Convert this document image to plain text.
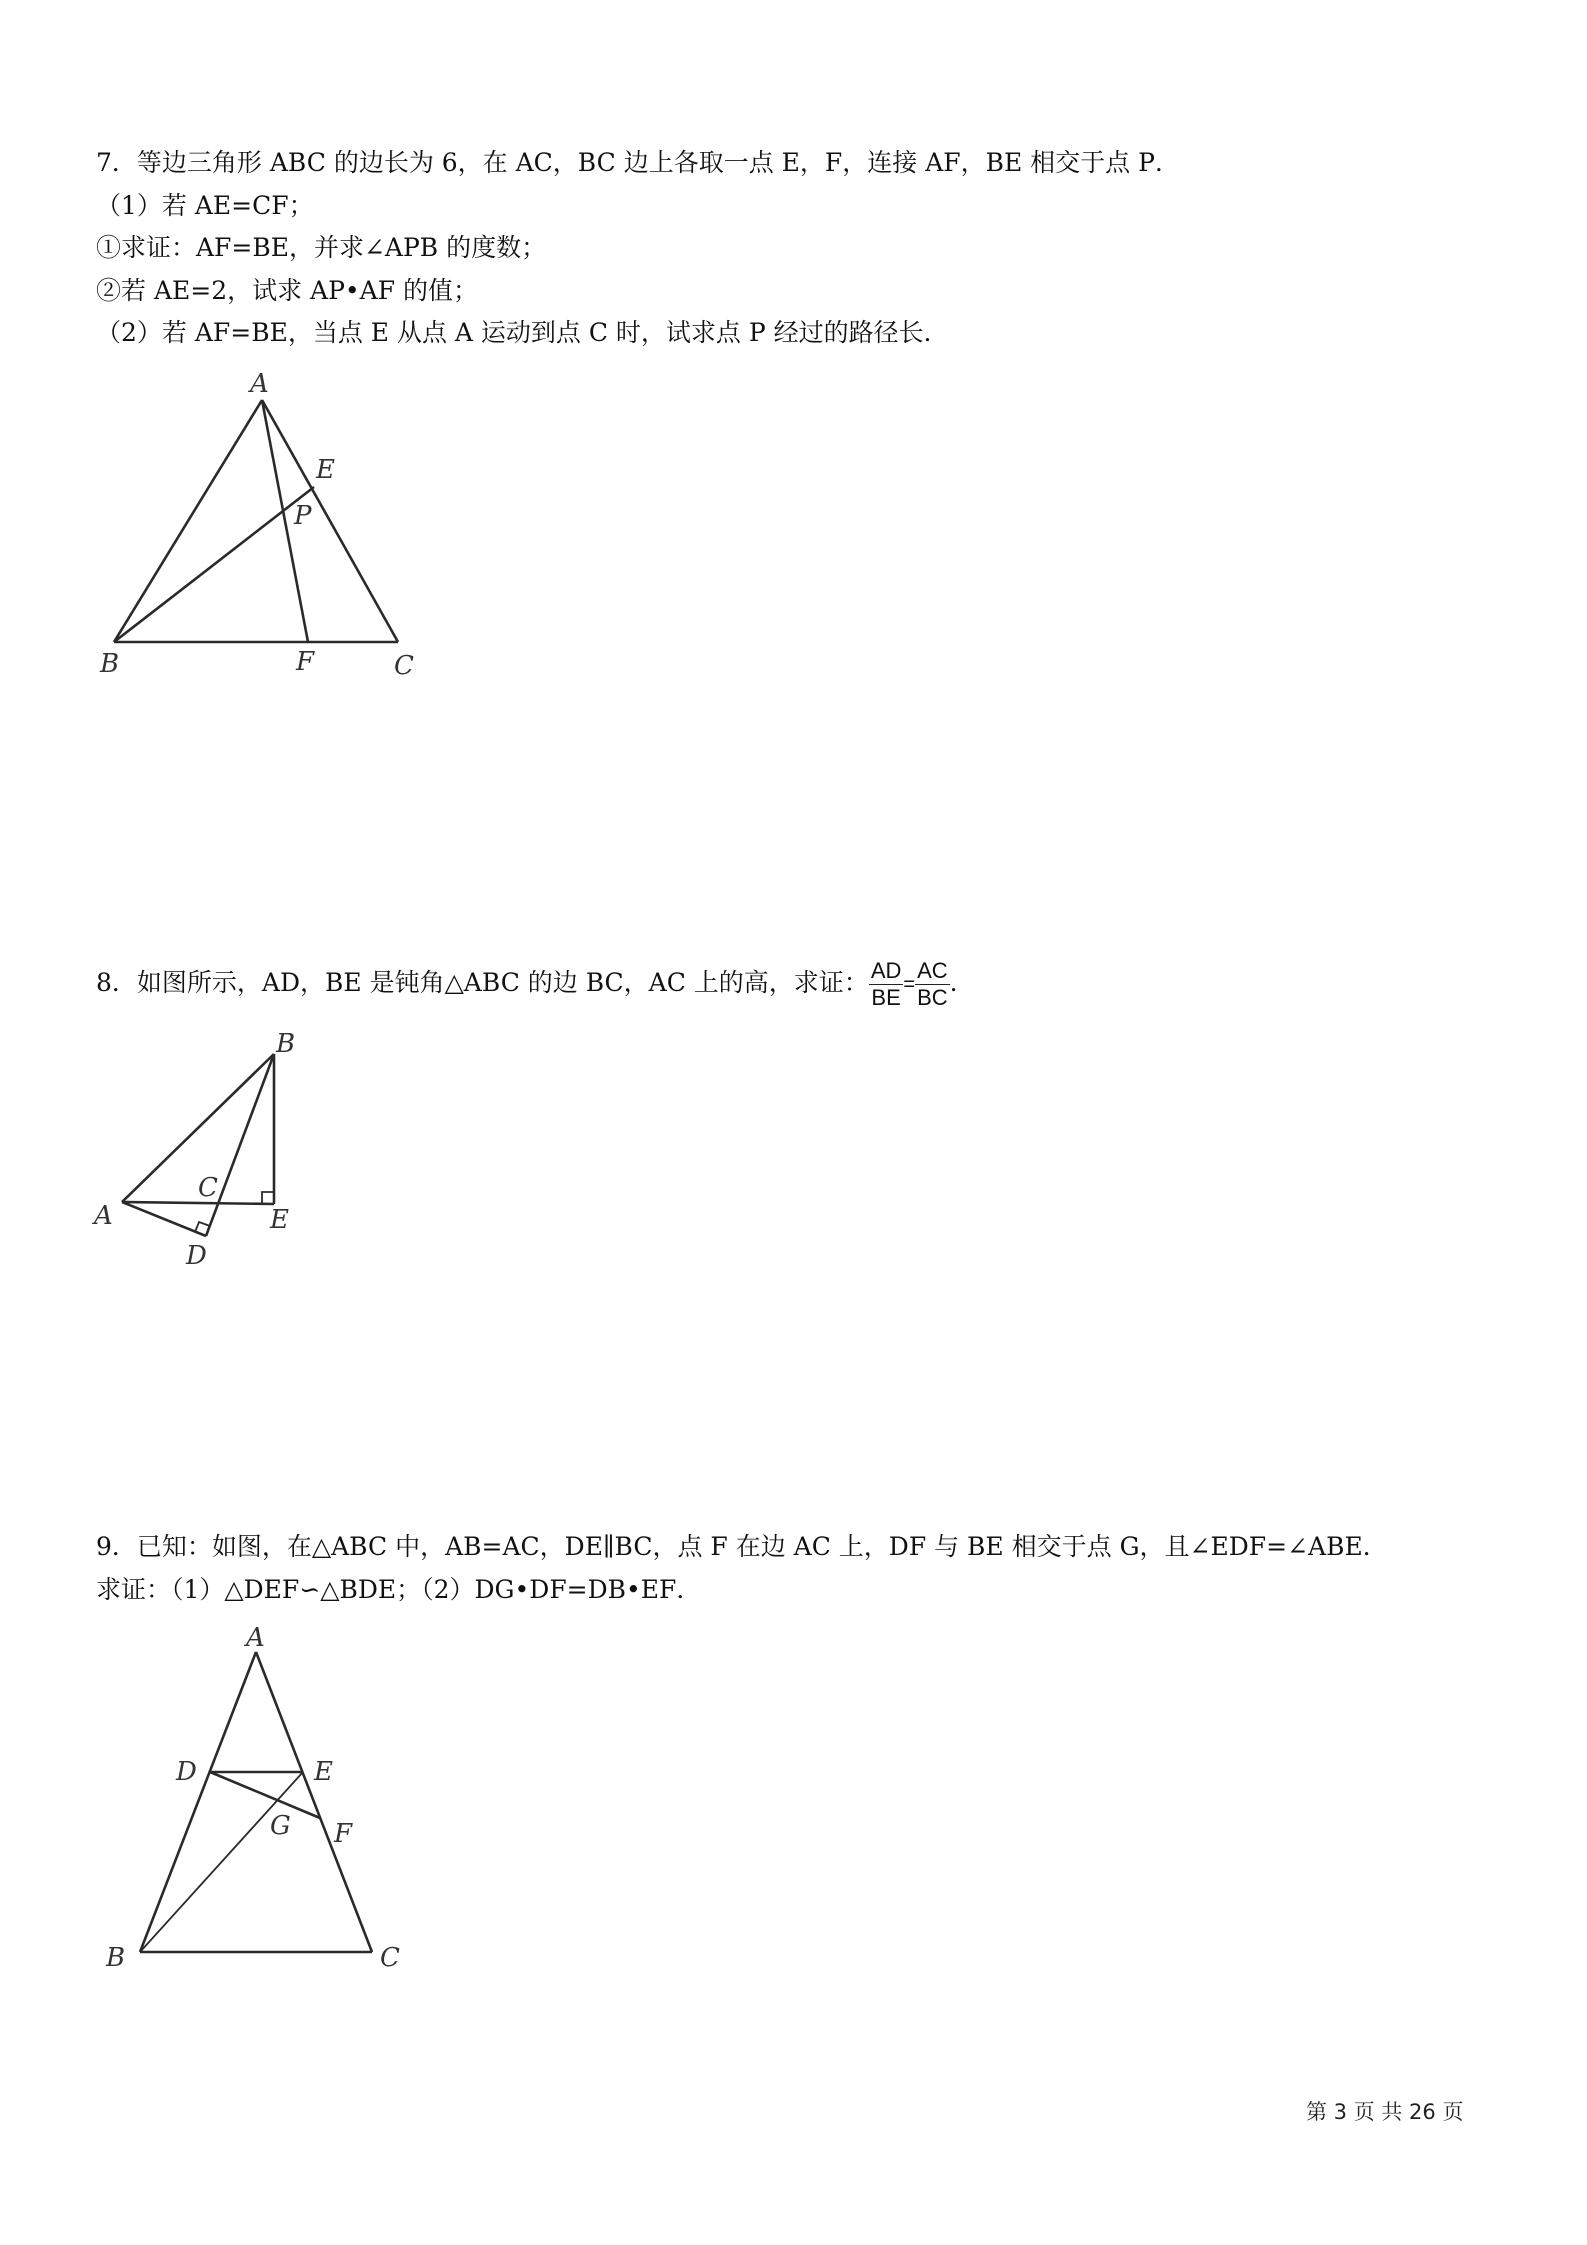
7．等边三角形 ABC 的边长为 6，在 AC，BC 边上各取一点 E，F，连接 AF，BE 相交于点 P．
（1）若 AE=CF；
①求证：AF=BE，并求∠APB 的度数；
②若 AE=2，试求 AP•AF 的值；
（2）若 AF=BE，当点 E 从点 A 运动到点 C 时，试求点 P 经过的路径长．
A
E
P
B	F	C
8．如图所示，AD，BE 是钝角△ABC 的边 BC，AC 上的高，求证： $\frac{AD}{BE} = \frac{AC}{BC}$ .
B
C
A	E
D
9．已知：如图，在△ABC 中，AB=AC，DE∥BC，点 F 在边 AC 上，DF 与 BE 相交于点 G，且∠EDF=∠ABE．
求证：（1）△DEF∽△BDE；（2）DG•DF=DB•EF．
A
D	E
G F
B	C
第 3 页 共 26 页
